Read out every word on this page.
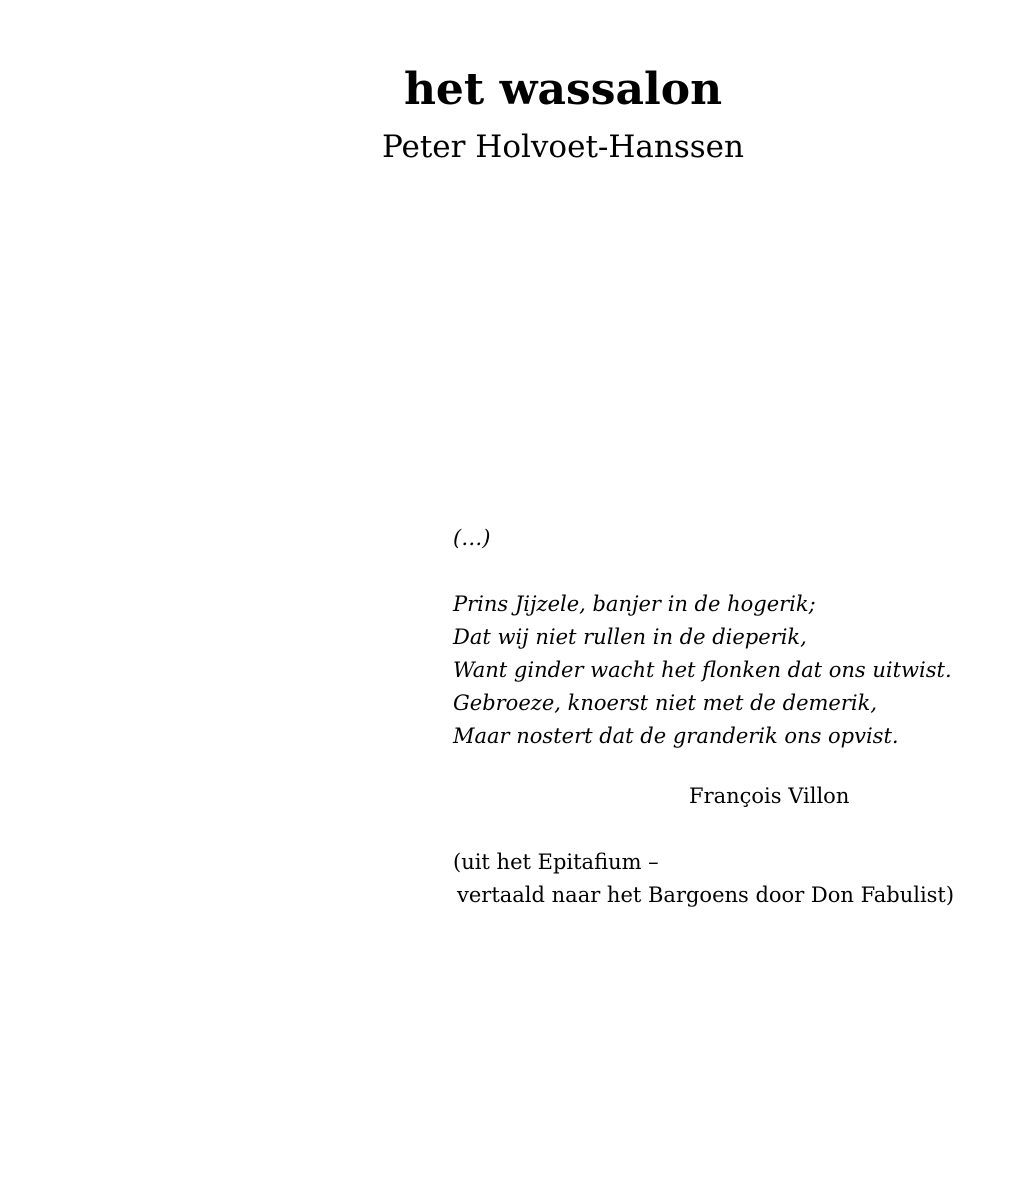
het wassalon
Peter Holvoet-Hanssen
(…)
Prins Jijzele, banjer in de hogerik;
Dat wij niet rullen in de dieperik,
Want ginder wacht het flonken dat ons uitwist.
Gebroeze, knoerst niet met de demerik,
Maar nostert dat de granderik ons opvist.
François Villon
(uit het Epitafium –
vertaald naar het Bargoens door Don Fabulist)
